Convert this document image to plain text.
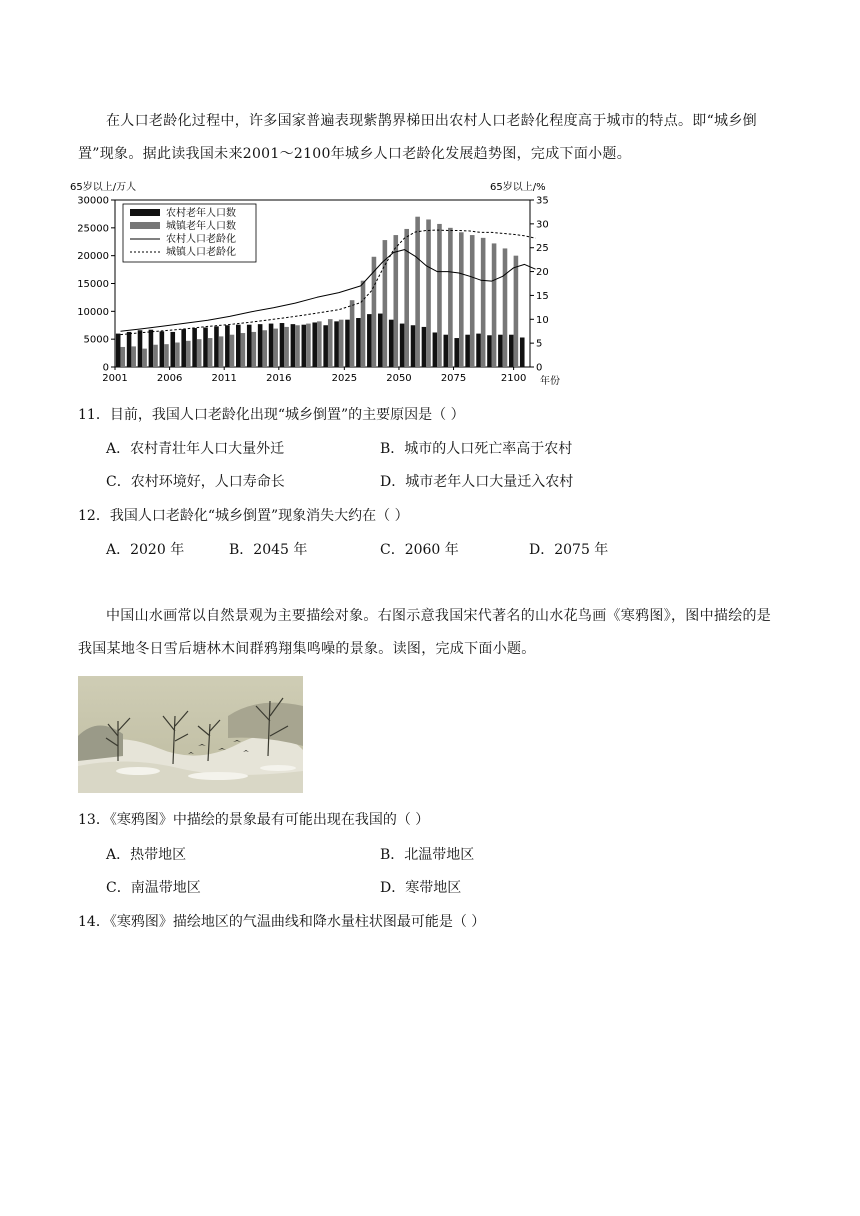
在人口老龄化过程中，许多国家普遍表现紫鹊界梯田出农村人口老龄化程度高于城市的特点。即“城乡倒置”现象。据此读我国未来2001～2100年城乡人口老龄化发展趋势图，完成下面小题。
65岁以上/万人	65岁以上/%
0
5000
10000
15000
20000
25000
30000
0
5
10
15
20
25
30
35
2001	2006	2011	2016	2025	2050	2075	2100 年份
农村老年人口数
城镇老年人口数
农村人口老龄化
城镇人口老龄化
11．目前，我国人口老龄化出现“城乡倒置”的主要原因是（ ）
A．农村青壮年人口大量外迁	B．城市的人口死亡率高于农村
C．农村环境好，人口寿命长	D．城市老年人口大量迁入农村
12．我国人口老龄化“城乡倒置”现象消失大约在（ ）
A．2020 年	B．2045 年	C．2060 年	D．2075 年
中国山水画常以自然景观为主要描绘对象。右图示意我国宋代著名的山水花鸟画《寒鸦图》，图中描绘的是我国某地冬日雪后塘林木间群鸦翔集鸣噪的景象。读图，完成下面小题。
13．《寒鸦图》中描绘的景象最有可能出现在我国的（ ）
A．热带地区	B．北温带地区
C．南温带地区	D．寒带地区
14．《寒鸦图》描绘地区的气温曲线和降水量柱状图最可能是（ ）
